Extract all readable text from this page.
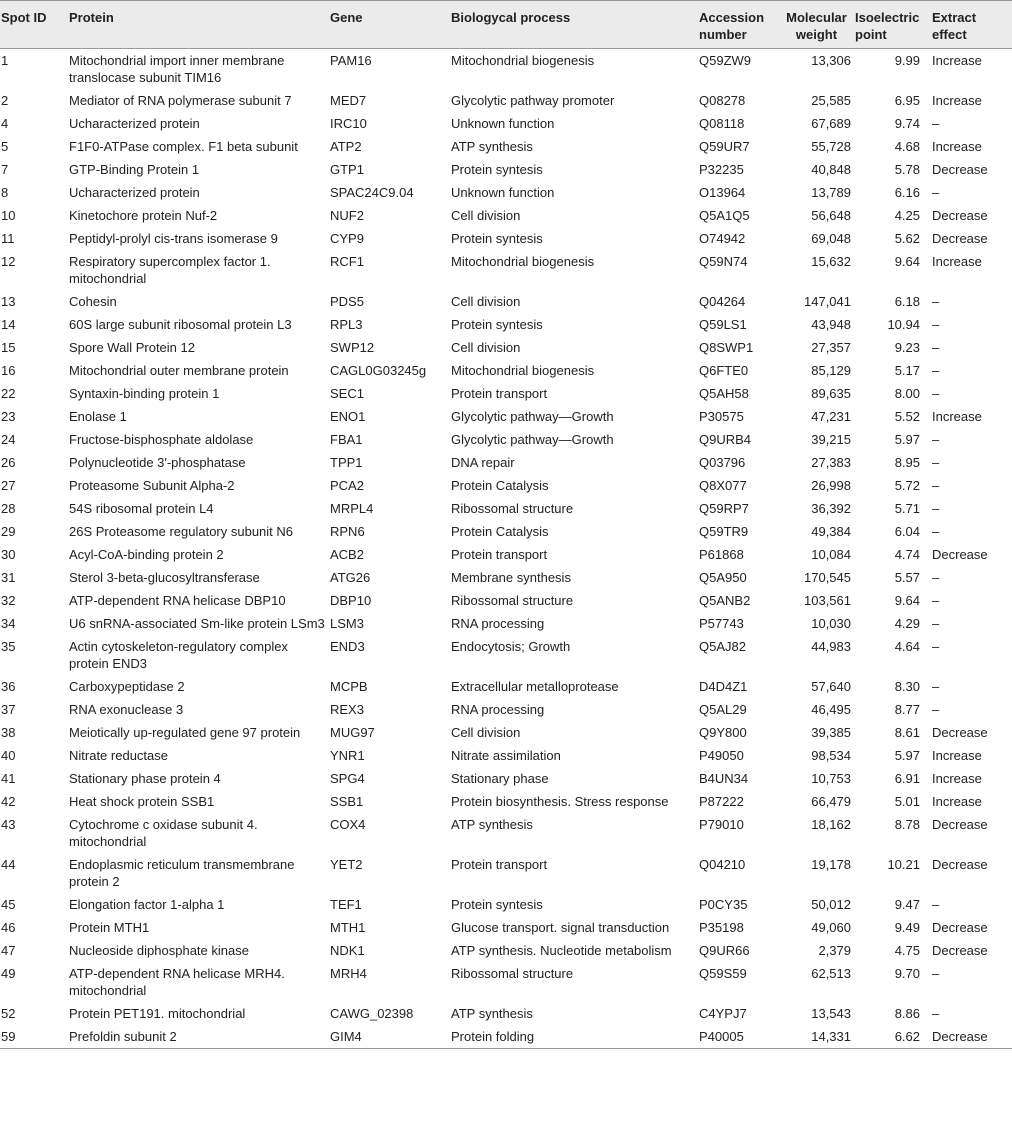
Spot ID	Protein	Gene	Biologycal process	Accession number	Molecular weight	Isoelectric point	Extract effect
1	Mitochondrial import inner membrane translocase subunit TIM16	PAM16	Mitochondrial biogenesis	Q59ZW9	13,306	9.99	Increase
2	Mediator of RNA polymerase subunit 7	MED7	Glycolytic pathway promoter	Q08278	25,585	6.95	Increase
4	Ucharacterized protein	IRC10	Unknown function	Q08118	67,689	9.74	–
5	F1F0-ATPase complex. F1 beta subunit	ATP2	ATP synthesis	Q59UR7	55,728	4.68	Increase
7	GTP-Binding Protein 1	GTP1	Protein syntesis	P32235	40,848	5.78	Decrease
8	Ucharacterized protein	SPAC24C9.04	Unknown function	O13964	13,789	6.16	–
10	Kinetochore protein Nuf-2	NUF2	Cell division	Q5A1Q5	56,648	4.25	Decrease
11	Peptidyl-prolyl cis-trans isomerase 9	CYP9	Protein syntesis	O74942	69,048	5.62	Decrease
12	Respiratory supercomplex factor 1. mitochondrial	RCF1	Mitochondrial biogenesis	Q59N74	15,632	9.64	Increase
13	Cohesin	PDS5	Cell division	Q04264	147,041	6.18	–
14	60S large subunit ribosomal protein L3	RPL3	Protein syntesis	Q59LS1	43,948	10.94	–
15	Spore Wall Protein 12	SWP12	Cell division	Q8SWP1	27,357	9.23	–
16	Mitochondrial outer membrane protein	CAGL0G03245g	Mitochondrial biogenesis	Q6FTE0	85,129	5.17	–
22	Syntaxin-binding protein 1	SEC1	Protein transport	Q5AH58	89,635	8.00	–
23	Enolase 1	ENO1	Glycolytic pathway—Growth	P30575	47,231	5.52	Increase
24	Fructose-bisphosphate aldolase	FBA1	Glycolytic pathway—Growth	Q9URB4	39,215	5.97	–
26	Polynucleotide 3′-phosphatase	TPP1	DNA repair	Q03796	27,383	8.95	–
27	Proteasome Subunit Alpha-2	PCA2	Protein Catalysis	Q8X077	26,998	5.72	–
28	54S ribosomal protein L4	MRPL4	Ribossomal structure	Q59RP7	36,392	5.71	–
29	26S Proteasome regulatory subunit N6	RPN6	Protein Catalysis	Q59TR9	49,384	6.04	–
30	Acyl-CoA-binding protein 2	ACB2	Protein transport	P61868	10,084	4.74	Decrease
31	Sterol 3-beta-glucosyltransferase	ATG26	Membrane synthesis	Q5A950	170,545	5.57	–
32	ATP-dependent RNA helicase DBP10	DBP10	Ribossomal structure	Q5ANB2	103,561	9.64	–
34	U6 snRNA-associated Sm-like protein LSm3	LSM3	RNA processing	P57743	10,030	4.29	–
35	Actin cytoskeleton-regulatory complex protein END3	END3	Endocytosis; Growth	Q5AJ82	44,983	4.64	–
36	Carboxypeptidase 2	MCPB	Extracellular metalloprotease	D4D4Z1	57,640	8.30	–
37	RNA exonuclease 3	REX3	RNA processing	Q5AL29	46,495	8.77	–
38	Meiotically up-regulated gene 97 protein	MUG97	Cell division	Q9Y800	39,385	8.61	Decrease
40	Nitrate reductase	YNR1	Nitrate assimilation	P49050	98,534	5.97	Increase
41	Stationary phase protein 4	SPG4	Stationary phase	B4UN34	10,753	6.91	Increase
42	Heat shock protein SSB1	SSB1	Protein biosynthesis. Stress response	P87222	66,479	5.01	Increase
43	Cytochrome c oxidase subunit 4. mitochondrial	COX4	ATP synthesis	P79010	18,162	8.78	Decrease
44	Endoplasmic reticulum transmembrane protein 2	YET2	Protein transport	Q04210	19,178	10.21	Decrease
45	Elongation factor 1-alpha 1	TEF1	Protein syntesis	P0CY35	50,012	9.47	–
46	Protein MTH1	MTH1	Glucose transport. signal transduction	P35198	49,060	9.49	Decrease
47	Nucleoside diphosphate kinase	NDK1	ATP synthesis. Nucleotide metabolism	Q9UR66	2,379	4.75	Decrease
49	ATP-dependent RNA helicase MRH4. mitochondrial	MRH4	Ribossomal structure	Q59S59	62,513	9.70	–
52	Protein PET191. mitochondrial	CAWG_02398	ATP synthesis	C4YPJ7	13,543	8.86	–
59	Prefoldin subunit 2	GIM4	Protein folding	P40005	14,331	6.62	Decrease
